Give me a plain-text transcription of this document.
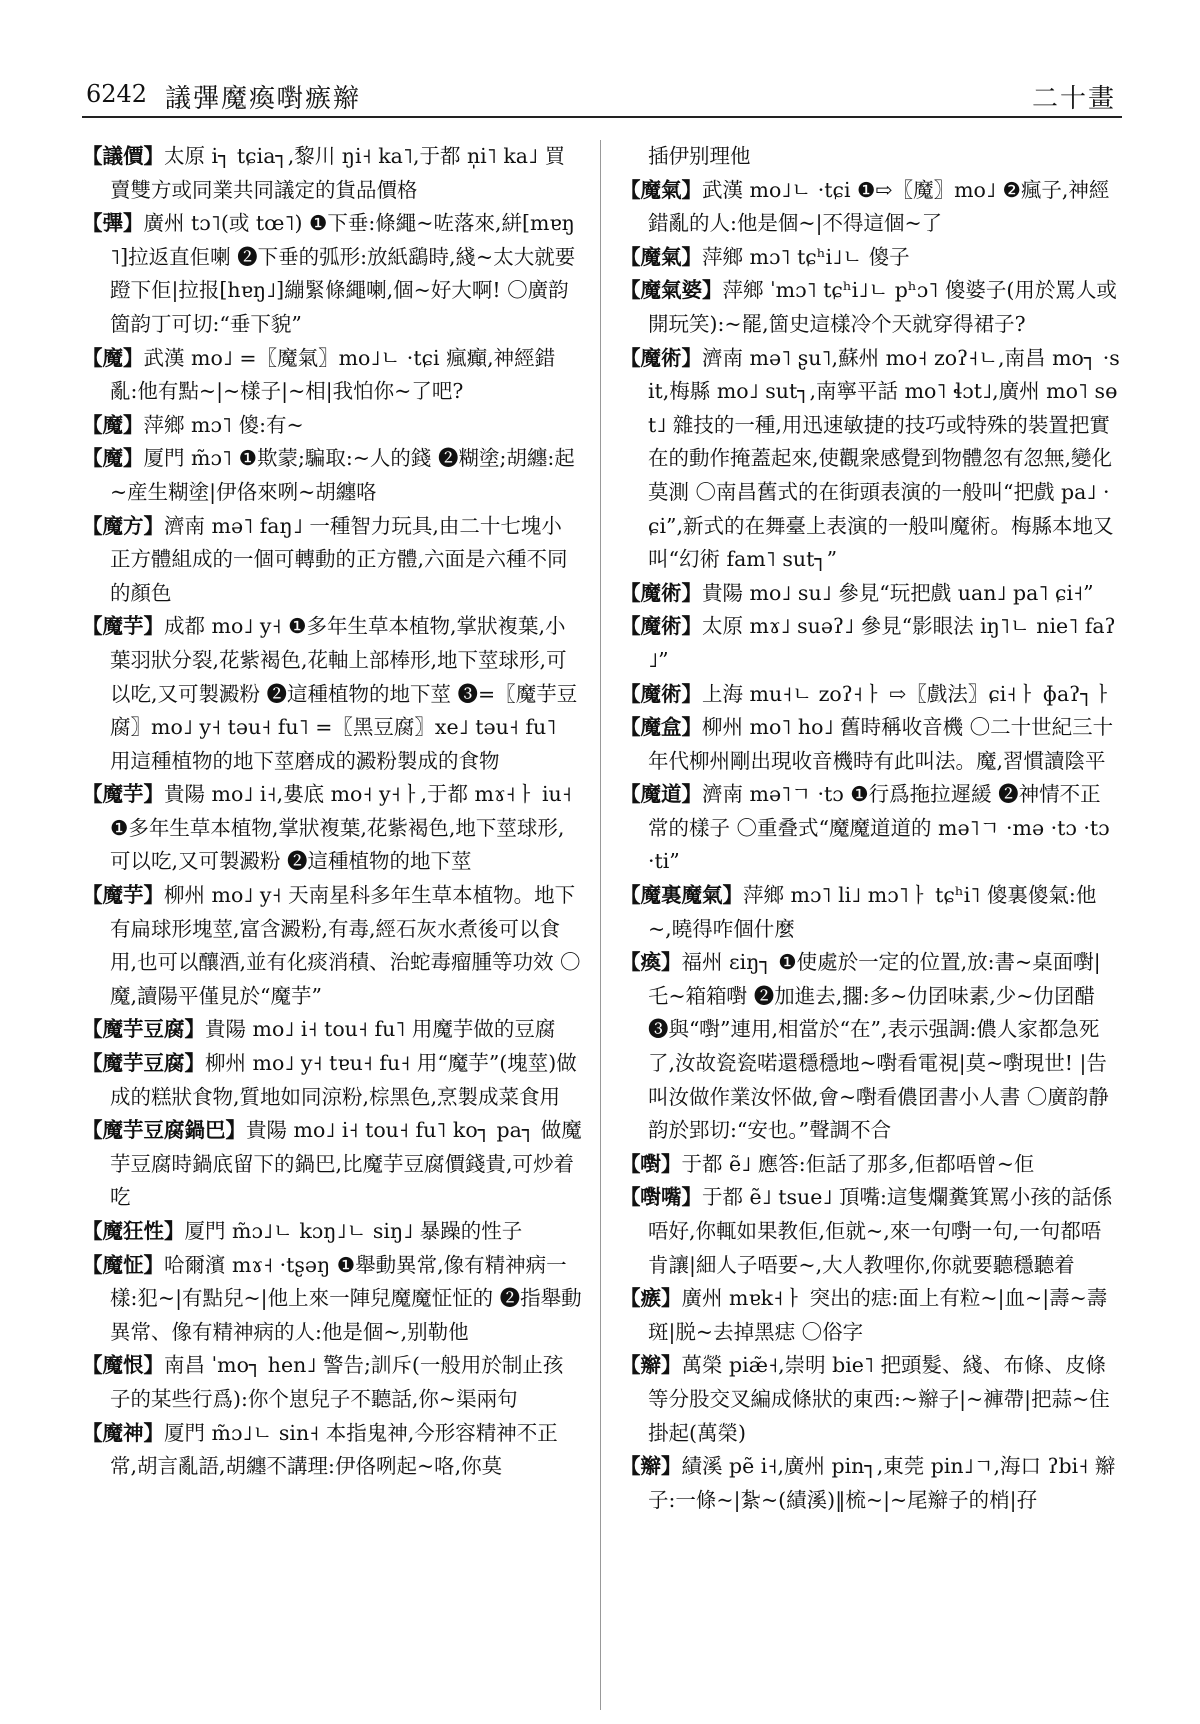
6242 議彃魔瘓嚉瘯辮	二十畫
【議價】太原 i┐ tɕia┐,黎川 ŋi˧ ka˥,于都 n̩i˥ ka˩ 買賣雙方或同業共同議定的貨品價格
【彃】廣州 tɔ˥(或 tœ˥) ❶下垂:條繩~咗落來,絣[mɐŋ˥]拉返直佢喇 ❷下垂的弧形:放紙鷂時,綫~太大就要蹬下佢|拉报[hɐŋ˩]繃緊條繩喇,個~好大啊! 〇廣韵箇韵丁可切:“垂下貌”
【魔】武漢 mo˩ =〖魔氣〗mo˩ㄴ ·tɕi 瘋癲,神經錯亂:他有點~|~樣子|~相|我怕你~了吧?
【魔】萍鄉 mɔ˥ 傻:有~
【魔】厦門 m̃ɔ˥ ❶欺蒙;騙取:~人的錢 ❷糊塗;胡纏:起~産生糊塗|伊佫來咧~胡纏咯
【魔方】濟南 mə˥ faŋ˩ 一種智力玩具,由二十七塊小正方體組成的一個可轉動的正方體,六面是六種不同的顏色
【魔芋】成都 mo˩ y˧ ❶多年生草本植物,掌狀複葉,小葉羽狀分裂,花紫褐色,花軸上部棒形,地下莖球形,可以吃,又可製澱粉 ❷這種植物的地下莖 ❸=〖魔芋豆腐〗mo˩ y˧ təu˧ fu˥ =〖黑豆腐〗xe˩ təu˧ fu˥ 用這種植物的地下莖磨成的澱粉製成的食物
【魔芋】貴陽 mo˩ i˧,婁底 mo˧ y˧ㅏ,于都 mɤ˧ㅏ iu˧ ❶多年生草本植物,掌狀複葉,花紫褐色,地下莖球形,可以吃,又可製澱粉 ❷這種植物的地下莖
【魔芋】柳州 mo˩ y˧ 天南星科多年生草本植物。地下有扁球形塊莖,富含澱粉,有毒,經石灰水煮後可以食用,也可以釀酒,並有化痰消積、治蛇毒瘤腫等功效 〇魔,讀陽平僅見於“魔芋”
【魔芋豆腐】貴陽 mo˩ i˧ tou˧ fu˥ 用魔芋做的豆腐
【魔芋豆腐】柳州 mo˩ y˧ tɐu˧ fu˧ 用“魔芋”(塊莖)做成的糕狀食物,質地如同涼粉,棕黑色,烹製成菜食用
【魔芋豆腐鍋巴】貴陽 mo˩ i˧ tou˧ fu˥ ko┐ pa┐ 做魔芋豆腐時鍋底留下的鍋巴,比魔芋豆腐價錢貴,可炒着吃
【魔狂性】厦門 m̃ɔ˩ㄴ kɔŋ˩ㄴ siŋ˩ 暴躁的性子
【魔怔】哈爾濱 mɤ˧ ·tʂəŋ ❶舉動異常,像有精神病一樣:犯~|有點兒~|他上來一陣兒魔魔怔怔的 ❷指舉動異常、像有精神病的人:他是個~,别勒他
【魔恨】南昌 ˈmo┐ hen˩ 警告;訓斥(一般用於制止孩子的某些行爲):你个崽兒子不聽話,你~渠兩句
【魔神】厦門 m̃ɔ˩ㄴ sin˧ 本指鬼神,今形容精神不正常,胡言亂語,胡纏不講理:伊佫咧起~咯,你莫
插伊别理他
【魔氣】武漢 mo˩ㄴ ·tɕi ❶⇨〖魔〗mo˩ ❷瘋子,神經錯亂的人:他是個~|不得這個~了
【魔氣】萍鄉 mɔ˥ tɕʰi˩ㄴ 傻子
【魔氣婆】萍鄉 ˈmɔ˥ tɕʰi˩ㄴ pʰɔ˥ 傻婆子(用於罵人或開玩笑):~罷,箇史這樣冷个天就穿得裙子?
【魔術】濟南 mə˥ ʂu˥,蘇州 mo˧ zoʔ˧ㄴ,南昌 mo┐ ·sit,梅縣 mo˩ sut┐,南寧平話 mo˥ ɬɔt˩,廣州 mo˥ sɵt˩ 雜技的一種,用迅速敏捷的技巧或特殊的裝置把實在的動作掩蓋起來,使觀衆感覺到物體忽有忽無,變化莫測 〇南昌舊式的在街頭表演的一般叫“把戲 pa˩ ·ɕi”,新式的在舞臺上表演的一般叫魔術。梅縣本地又叫“幻術 fam˥ sut┐”
【魔術】貴陽 mo˩ su˩ 參見“玩把戲 uan˩ pa˥ ɕi˧”
【魔術】太原 mɤ˩ suəʔ˩ 參見“影眼法 iŋ˥ㄴ nie˥ faʔ˩”
【魔術】上海 mu˧ㄴ zoʔ˧ㅏ ⇨〖戲法〗ɕi˧ㅏ ɸaʔ┐ㅏ
【魔盒】柳州 mo˥ ho˩ 舊時稱收音機 〇二十世紀三十年代柳州剛出現收音機時有此叫法。魔,習慣讀陰平
【魔道】濟南 mə˥ㄱ ·tɔ ❶行爲拖拉遲緩 ❷神情不正常的樣子 〇重叠式“魔魔道道的 mə˥ㄱ ·mə ·tɔ ·tɔ ·ti”
【魔裏魔氣】萍鄉 mɔ˥ li˩ mɔ˥ㅏ tɕʰi˥ 傻裏傻氣:他~,曉得咋個什麼
【瘓】福州 ɛiŋ┐ ❶使處於一定的位置,放:書~桌面嚉|乇~箱箱嚉 ❷加進去,擱:多~仂囝味素,少~仂囝醋 ❸與“嚉”連用,相當於“在”,表示强調:儂人家都急死了,汝故瓷瓷喏還穩穩地~嚉看電視|莫~嚉現世! |告叫汝做作業汝怀做,會~嚉看儂囝書小人書 〇廣韵静韵於郢切:“安也。”聲調不合
【嚉】于都 ẽ˩ 應答:佢話了那多,佢都唔曾~佢
【嚉嘴】于都 ẽ˩ tsue˩ 頂嘴:這隻爛糞箕罵小孩的話係唔好,你輒如果教佢,佢就~,來一句嚉一句,一句都唔肯讓|細人子唔要~,大人教哩你,你就要聽穩聽着
【瘯】廣州 mɐk˧ㅏ 突出的痣:面上有粒~|血~|壽~壽斑|脱~去掉黑痣 〇俗字
【辮】萬榮 piæ̃˧,崇明 bie˥ 把頭髮、綫、布條、皮條等分股交叉編成條狀的東西:~辮子|~褲帶|把蒜~住掛起(萬榮)
【辮】績溪 pẽ i˧,廣州 pin┐,東莞 pin˩ㄱ,海口 ʔbi˧ 辮子:一條~|紮~(績溪)‖梳~|~尾辮子的梢|孖
